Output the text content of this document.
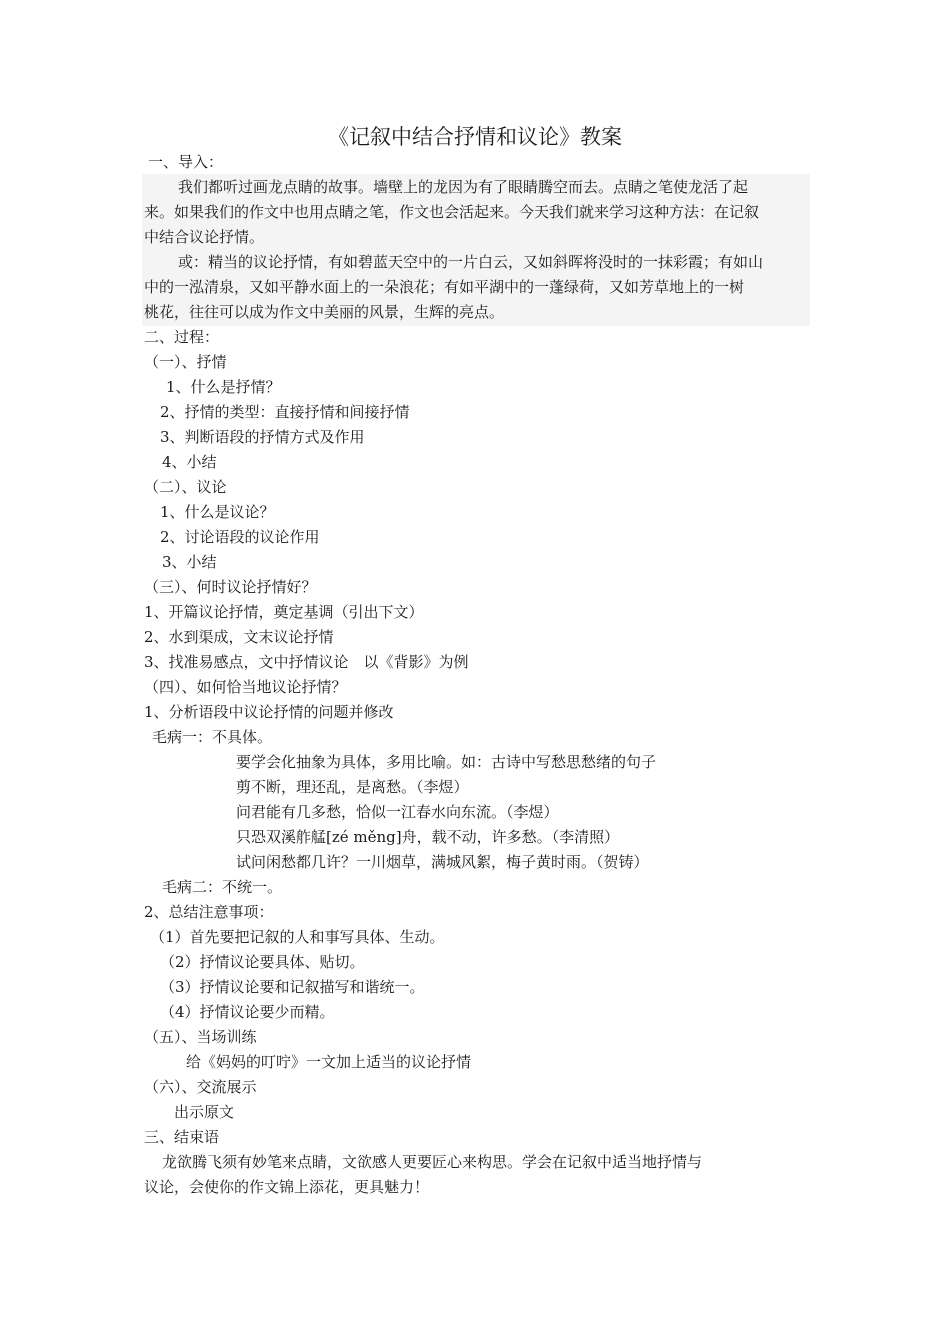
《记叙中结合抒情和议论》教案
一、导入：
我们都听过画龙点睛的故事。墙壁上的龙因为有了眼睛腾空而去。点睛之笔使龙活了起
来。如果我们的作文中也用点睛之笔，作文也会活起来。今天我们就来学习这种方法：在记叙
中结合议论抒情。
或：精当的议论抒情，有如碧蓝天空中的一片白云，又如斜晖将没时的一抹彩霞；有如山
中的一泓清泉，又如平静水面上的一朵浪花；有如平湖中的一蓬绿荷，又如芳草地上的一树
桃花，往往可以成为作文中美丽的风景，生辉的亮点。
二、过程：
（一）、抒情
1、什么是抒情？
2、抒情的类型：直接抒情和间接抒情
3、判断语段的抒情方式及作用
4、小结
（二）、议论
1、什么是议论？
2、讨论语段的议论作用
3、小结
（三）、何时议论抒情好？
1、开篇议论抒情，奠定基调（引出下文）
2、水到渠成，文末议论抒情
3、找准易感点，文中抒情议论　以《背影》为例
（四）、如何恰当地议论抒情？
1、分析语段中议论抒情的问题并修改
毛病一：不具体。
要学会化抽象为具体，多用比喻。如：古诗中写愁思愁绪的句子
剪不断，理还乱，是离愁。（李煜）
问君能有几多愁，恰似一江春水向东流。（李煜）
只恐双溪舴艋[zé měng]舟，载不动，许多愁。（李清照）
试问闲愁都几许？一川烟草，满城风絮，梅子黄时雨。（贺铸）
毛病二：不统一。
2、总结注意事项：
（1）首先要把记叙的人和事写具体、生动。
（2）抒情议论要具体、贴切。
（3）抒情议论要和记叙描写和谐统一。
（4）抒情议论要少而精。
（五）、当场训练
给《妈妈的叮咛》一文加上适当的议论抒情
（六）、交流展示
出示原文
三、结束语
龙欲腾飞须有妙笔来点睛，文欲感人更要匠心来构思。学会在记叙中适当地抒情与
议论，会使你的作文锦上添花，更具魅力！
